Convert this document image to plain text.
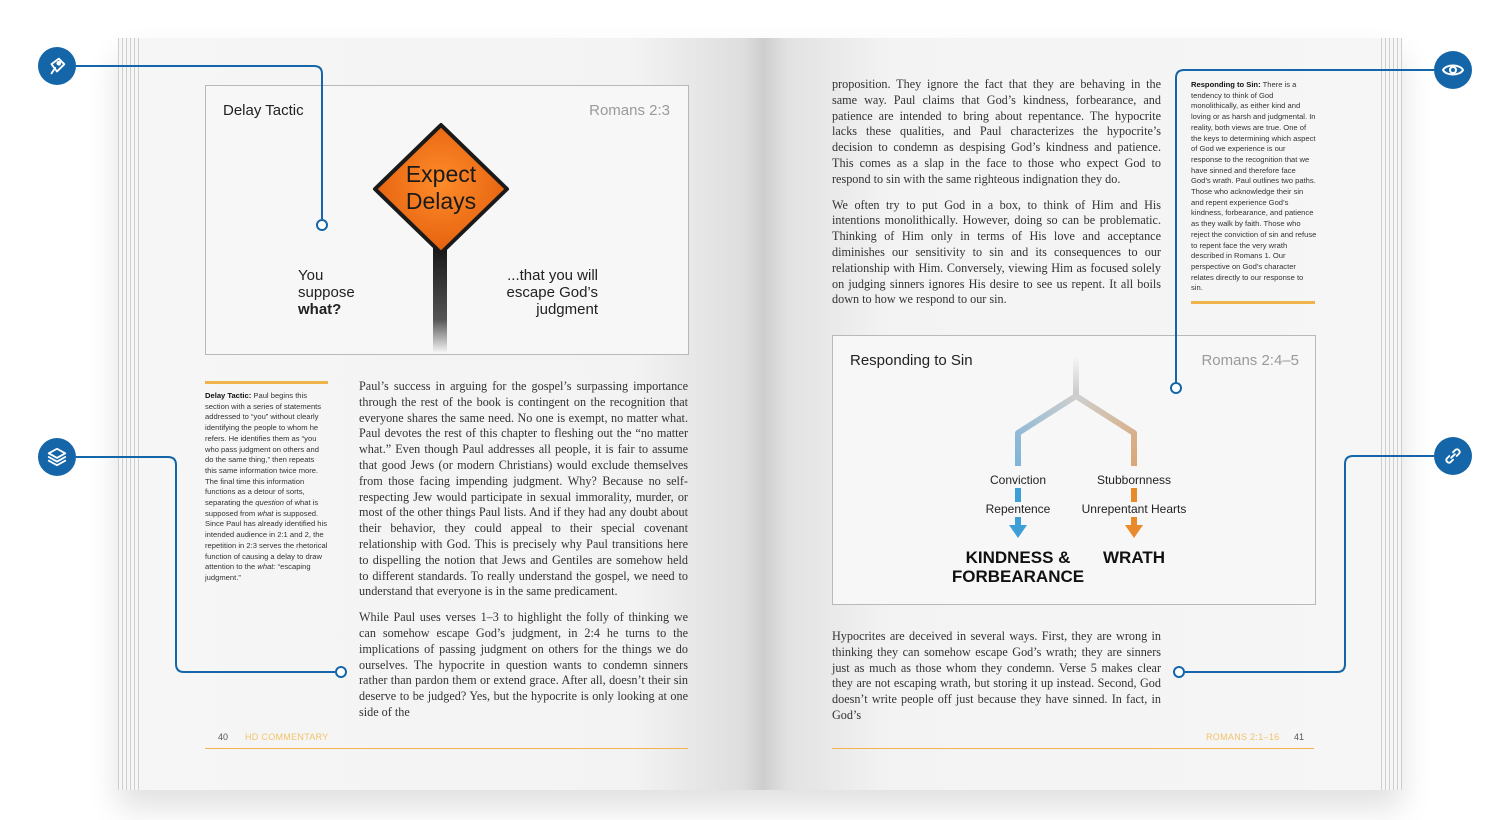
Delay Tactic	Romans 2:3
Expect
Delays
You
suppose
what?
...that you will
escape God’s
judgment
Delay Tactic: Paul begins this section with a series of statements addressed to “you” without clearly identifying the people to whom he refers. He identifies them as “you who pass judgment on others and do the same thing,” then repeats this same information twice more. The final time this information functions as a detour of sorts, separating the question of what is supposed from what is supposed. Since Paul has already identified his intended audience in 2:1 and 2, the repetition in 2:3 serves the rhetorical function of causing a delay to draw attention to the what: “escaping judgment.”

Paul’s success in arguing for the gospel’s surpassing importance through the rest of the book is contingent on the recognition that everyone shares the same need. No one is exempt, no matter what. Paul devotes the rest of this chapter to fleshing out the “no matter what.” Even though Paul addresses all people, it is fair to assume that good Jews (or modern Christians) would exclude themselves from those facing impending judgment. Why? Because no self-respecting Jew would participate in sexual immorality, murder, or most of the other things Paul lists. And if they had any doubt about their behavior, they could appeal to their special covenant relationship with God. This is precisely why Paul transitions here to dispelling the notion that Jews and Gentiles are somehow held to different standards. To really understand the gospel, we need to understand that everyone is in the same predicament.

While Paul uses verses 1–3 to highlight the folly of thinking we can somehow escape God’s judgment, in 2:4 he turns to the implications of passing judgment on others for the things we do ourselves. The hypocrite in question wants to condemn sinners rather than pardon them or extend grace. After all, doesn’t their sin deserve to be judged? Yes, but the hypocrite is only looking at one side of the

40 HD COMMENTARY

proposition. They ignore the fact that they are behaving in the same way. Paul claims that God’s kindness, forbearance, and patience are intended to bring about repentance. The hypocrite lacks these qualities, and Paul characterizes the hypocrite’s decision to condemn as despising God’s kindness and patience. This comes as a slap in the face to those who expect God to respond to sin with the same righteous indignation they do.

We often try to put God in a box, to think of Him and His intentions monolithically. However, doing so can be problematic. Thinking of Him only in terms of His love and acceptance diminishes our sensitivity to sin and its consequences to our relationship with Him. Conversely, viewing Him as focused solely on judging sinners ignores His desire to see us repent. It all boils down to how we respond to our sin.

Responding to Sin: There is a tendency to think of God monolithically, as either kind and loving or as harsh and judgmental. In reality, both views are true. One of the keys to determining which aspect of God we experience is our response to the recognition that we have sinned and therefore face God’s wrath. Paul outlines two paths. Those who acknowledge their sin and repent experience God’s kindness, forbearance, and patience as they walk by faith. Those who reject the conviction of sin and refuse to repent face the very wrath described in Romans 1. Our perspective on God’s character relates directly to our response to sin.
Responding to Sin	Romans 2:4–5
Conviction
Repentence
Stubbornness
Unrepentant Hearts
KINDNESS &
FORBEARANCE
WRATH

Hypocrites are deceived in several ways. First, they are wrong in thinking they can somehow escape God’s wrath; they are sinners just as much as those whom they condemn. Verse 5 makes clear they are not escaping wrath, but storing it up instead. Second, God doesn’t write people off just because they have sinned. In fact, in God’s

ROMANS 2:1–16 41
